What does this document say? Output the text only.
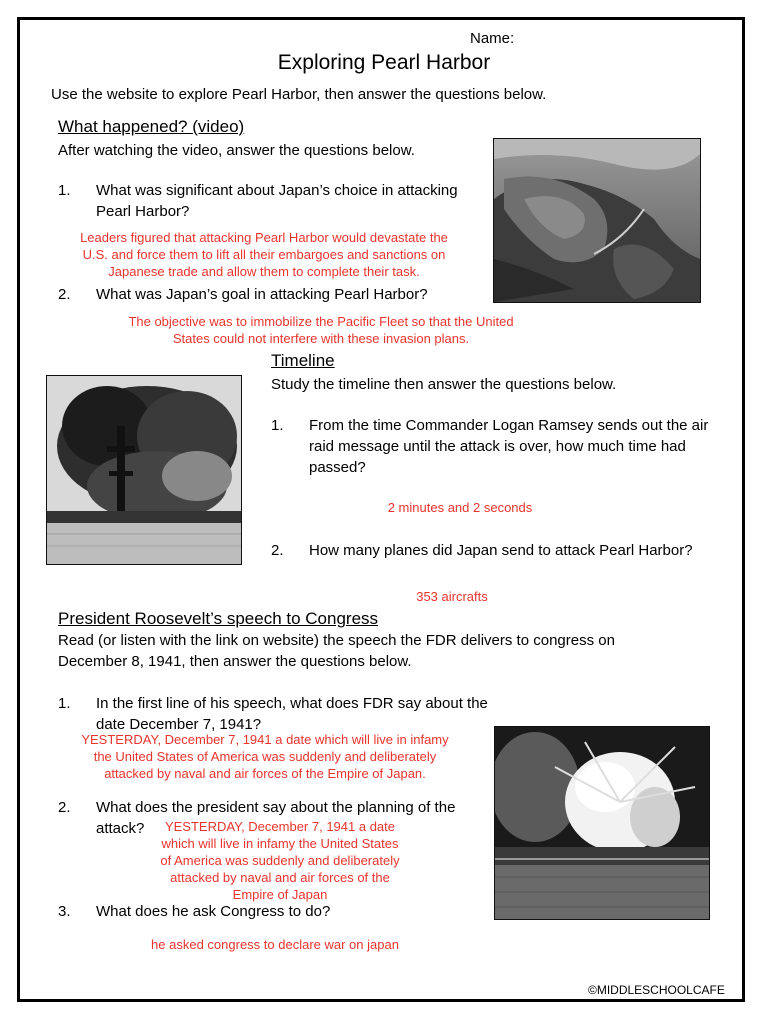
Name:
Exploring Pearl Harbor
Use the website to explore Pearl Harbor, then answer the questions below.
What happened? (video)
After watching the video, answer the questions below.
1. What was significant about Japan’s choice in attacking
Pearl Harbor?
Leaders figured that attacking Pearl Harbor would devastate the
U.S. and force them to lift all their embargoes and sanctions on
Japanese trade and allow them to complete their task.
2. What was Japan’s goal in attacking Pearl Harbor?
The objective was to immobilize the Pacific Fleet so that the United
States could not interfere with these invasion plans.
Timeline
Study the timeline then answer the questions below.
1. From the time Commander Logan Ramsey sends out the air
raid message until the attack is over, how much time had
passed?
2 minutes and 2 seconds
2. How many planes did Japan send to attack Pearl Harbor?
353 aircrafts
President Roosevelt’s speech to Congress
Read (or listen with the link on website) the speech the FDR delivers to congress on
December 8, 1941, then answer the questions below.
1. In the first line of his speech, what does FDR say about the
date December 7, 1941?
YESTERDAY, December 7, 1941 a date which will live in infamy
the United States of America was suddenly and deliberately
attacked by naval and air forces of the Empire of Japan.
2. What does the president say about the planning of the
attack?	YESTERDAY, December 7, 1941 a date
which will live in infamy the United States
of America was suddenly and deliberately
attacked by naval and air forces of the
Empire of Japan
3. What does he ask Congress to do?
he asked congress to declare war on japan
©MIDDLESCHOOLCAFE
